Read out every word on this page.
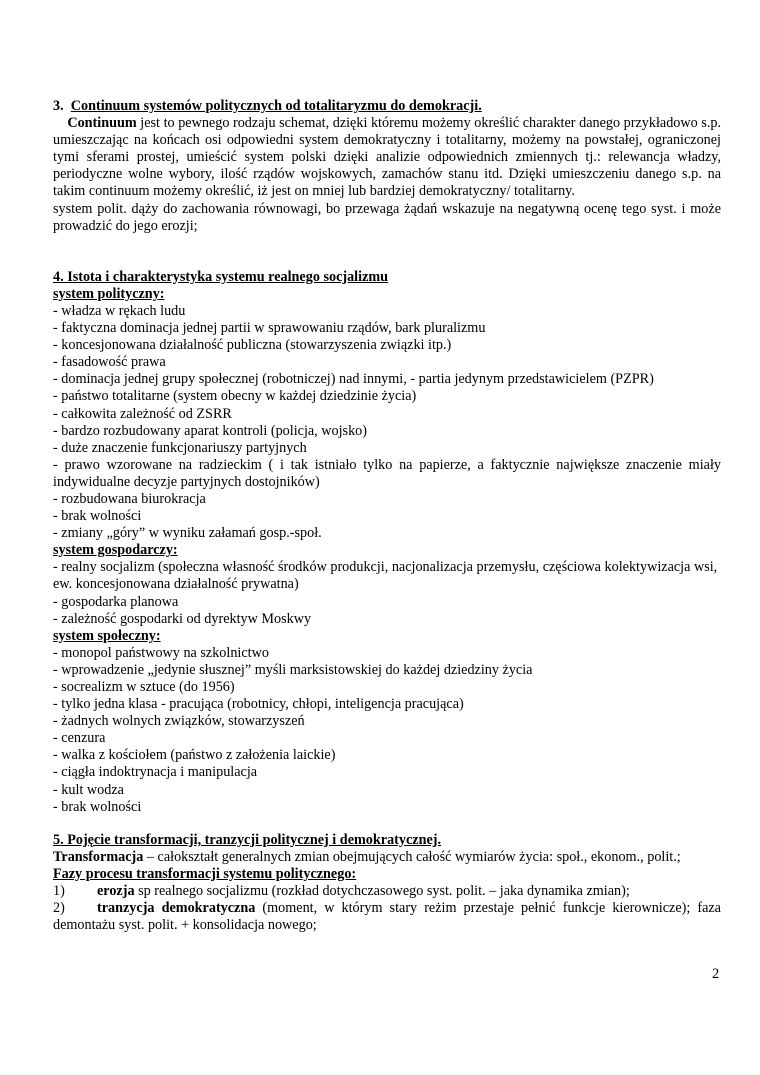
3. Continuum systemów politycznych od totalitaryzmu do demokracji.

Continuum jest to pewnego rodzaju schemat, dzięki któremu możemy określić charakter danego przykładowo s.p. umieszczając na końcach osi odpowiedni system demokratyczny i totalitarny, możemy na powstałej, ograniczonej tymi sferami prostej, umieścić system polski dzięki analizie odpowiednich zmiennych tj.: relewancja władzy, periodyczne wolne wybory, ilość rządów wojskowych, zamachów stanu itd. Dzięki umieszczeniu danego s.p. na takim continuum możemy określić, iż jest on mniej lub bardziej demokratyczny/ totalitarny.

system polit. dąży do zachowania równowagi, bo przewaga żądań wskazuje na negatywną ocenę tego syst. i może prowadzić do jego erozji;

4. Istota i charakterystyka systemu realnego socjalizmu

system polityczny:

- władza w rękach ludu

- faktyczna dominacja jednej partii w sprawowaniu rządów, bark pluralizmu

- koncesjonowana działalność publiczna (stowarzyszenia związki itp.)

- fasadowość prawa

- dominacja jednej grupy społecznej (robotniczej) nad innymi, - partia jedynym przedstawicielem (PZPR)

- państwo totalitarne (system obecny w każdej dziedzinie życia)

- całkowita zależność od ZSRR

- bardzo rozbudowany aparat kontroli (policja, wojsko)

- duże znaczenie funkcjonariuszy partyjnych

- prawo wzorowane na radzieckim ( i tak istniało tylko na papierze, a faktycznie największe znaczenie miały indywidualne decyzje partyjnych dostojników)

- rozbudowana biurokracja

- brak wolności

- zmiany „góry” w wyniku załamań gosp.-społ.

system gospodarczy:

- realny socjalizm (społeczna własność środków produkcji, nacjonalizacja przemysłu, częściowa kolektywizacja wsi, ew. koncesjonowana działalność prywatna)

- gospodarka planowa

- zależność gospodarki od dyrektyw Moskwy

system społeczny:

- monopol państwowy na szkolnictwo

- wprowadzenie „jedynie słusznej” myśli marksistowskiej do każdej dziedziny życia

- socrealizm w sztuce (do 1956)

- tylko jedna klasa - pracująca (robotnicy, chłopi, inteligencja pracująca)

- żadnych wolnych związków, stowarzyszeń

- cenzura

- walka z kościołem (państwo z założenia laickie)

- ciągła indoktrynacja i manipulacja

- kult wodza

- brak wolności

5. Pojęcie transformacji, tranzycji politycznej i demokratycznej.

Transformacja – całokształt generalnych zmian obejmujących całość wymiarów życia: społ., ekonom., polit.;

Fazy procesu transformacji systemu politycznego:

1) erozja sp realnego socjalizmu (rozkład dotychczasowego syst. polit. – jaka dynamika zmian);

2) tranzycja demokratyczna (moment, w którym stary reżim przestaje pełnić funkcje kierownicze); faza demontażu syst. polit. + konsolidacja nowego;

2
